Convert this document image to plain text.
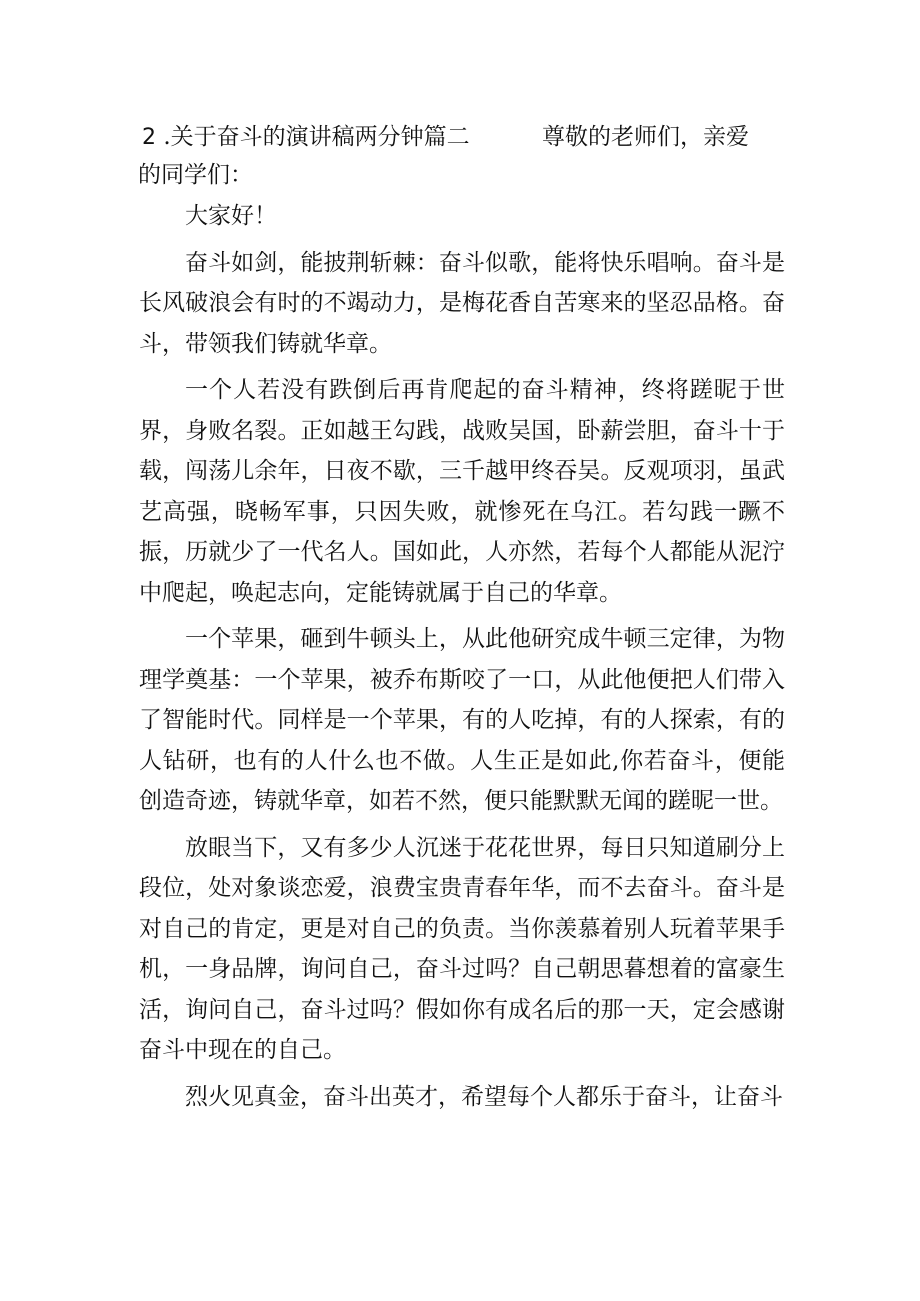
2 .关于奋斗的演讲稿两分钟篇二	尊敬的老师们，亲爱
的同学们：

大家好！

奋斗如剑，能披荆斩棘：奋斗似歌，能将快乐唱响。奋斗是长风破浪会有时的不竭动力，是梅花香自苦寒来的坚忍品格。奋斗，带领我们铸就华章。

一个人若没有跌倒后再肯爬起的奋斗精神，终将蹉昵于世界，身败名裂。正如越王勾践，战败吴国，卧薪尝胆，奋斗十于载，闯荡儿余年，日夜不歇，三千越甲终吞吴。反观项羽，虽武艺高强，晓畅军事，只因失败，就惨死在乌江。若勾践一蹶不振，历就少了一代名人。国如此，人亦然，若每个人都能从泥泞中爬起，唤起志向，定能铸就属于自己的华章。

一个苹果，砸到牛顿头上，从此他研究成牛顿三定律，为物理学奠基：一个苹果，被乔布斯咬了一口，从此他便把人们带入了智能时代。同样是一个苹果，有的人吃掉，有的人探索，有的人钻研，也有的人什么也不做。人生正是如此,你若奋斗，便能创造奇迹，铸就华章，如若不然，便只能默默无闻的蹉昵一世。

放眼当下，又有多少人沉迷于花花世界，每日只知道刷分上段位，处对象谈恋爱，浪费宝贵青春年华，而不去奋斗。奋斗是对自己的肯定，更是对自己的负责。当你羡慕着别人玩着苹果手机，一身品牌，询问自己，奋斗过吗？自己朝思暮想着的富豪生活，询问自己，奋斗过吗？假如你有成名后的那一天，定会感谢奋斗中现在的自己。

烈火见真金，奋斗出英才，希望每个人都乐于奋斗，让奋斗
